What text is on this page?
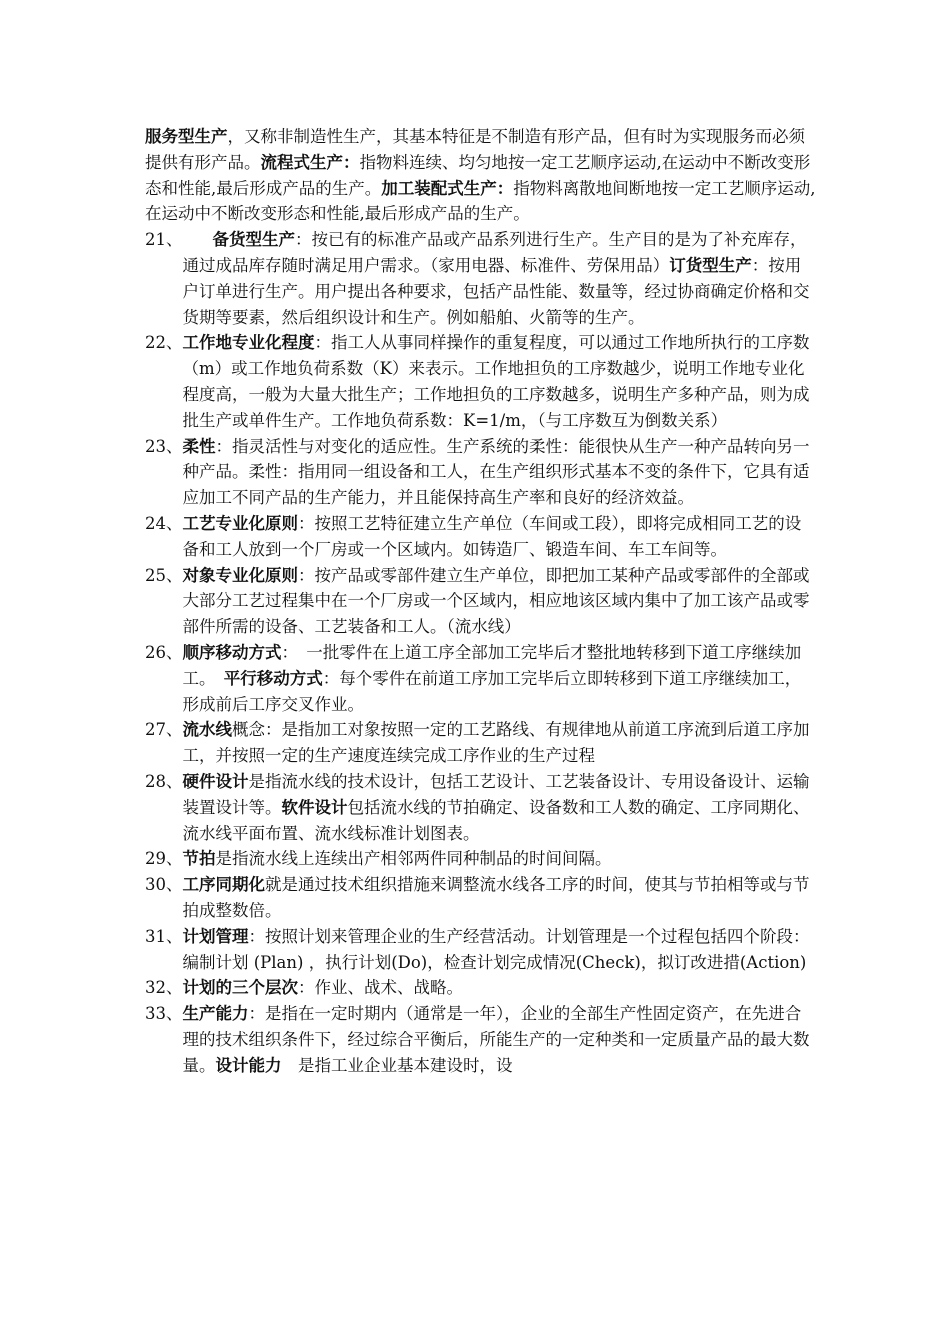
服务型生产，又称非制造性生产，其基本特征是不制造有形产品，但有时为实现服务而必须提供有形产品。流程式生产：指物料连续、均匀地按一定工艺顺序运动,在运动中不断改变形态和性能,最后形成产品的生产。加工装配式生产：指物料离散地间断地按一定工艺顺序运动,在运动中不断改变形态和性能,最后形成产品的生产。

21、	备货型生产：按已有的标准产品或产品系列进行生产。生产目的是为了补充库存，通过成品库存随时满足用户需求。（家用电器、标准件、劳保用品）订货型生产：按用户订单进行生产。用户提出各种要求，包括产品性能、数量等，经过协商确定价格和交货期等要素，然后组织设计和生产。例如船舶、火箭等的生产。
22、 工作地专业化程度：指工人从事同样操作的重复程度，可以通过工作地所执行的工序数（m）或工作地负荷系数（K）来表示。工作地担负的工序数越少，说明工作地专业化程度高，一般为大量大批生产；工作地担负的工序数越多，说明生产多种产品，则为成批生产或单件生产。工作地负荷系数：K=1/m，（与工序数互为倒数关系）
23、 柔性：指灵活性与对变化的适应性。生产系统的柔性：能很快从生产一种产品转向另一种产品。柔性：指用同一组设备和工人，在生产组织形式基本不变的条件下，它具有适应加工不同产品的生产能力，并且能保持高生产率和良好的经济效益。
24、 工艺专业化原则：按照工艺特征建立生产单位（车间或工段），即将完成相同工艺的设备和工人放到一个厂房或一个区域内。如铸造厂、锻造车间、车工车间等。
25、 对象专业化原则：按产品或零部件建立生产单位，即把加工某种产品或零部件的全部或大部分工艺过程集中在一个厂房或一个区域内，相应地该区域内集中了加工该产品或零部件所需的设备、工艺装备和工人。（流水线）
26、 顺序移动方式：　一批零件在上道工序全部加工完毕后才整批地转移到下道工序继续加工。　平行移动方式：每个零件在前道工序加工完毕后立即转移到下道工序继续加工，形成前后工序交叉作业。
27、 流水线概念：是指加工对象按照一定的工艺路线、有规律地从前道工序流到后道工序加工，并按照一定的生产速度连续完成工序作业的生产过程
28、 硬件设计是指流水线的技术设计，包括工艺设计、工艺装备设计、专用设备设计、运输装置设计等。软件设计包括流水线的节拍确定、设备数和工人数的确定、工序同期化、流水线平面布置、流水线标准计划图表。
29、 节拍是指流水线上连续出产相邻两件同种制品的时间间隔。
30、 工序同期化就是通过技术组织措施来调整流水线各工序的时间，使其与节拍相等或与节拍成整数倍。
31、 计划管理：按照计划来管理企业的生产经营活动。计划管理是一个过程包括四个阶段：编制计划 (Plan) ，执行计划(Do)，检查计划完成情况(Check)，拟订改进措(Action)
32、 计划的三个层次：作业、战术、战略。
33、 生产能力：是指在一定时期内（通常是一年），企业的全部生产性固定资产，在先进合理的技术组织条件下，经过综合平衡后，所能生产的一定种类和一定质量产品的最大数量。设计能力　是指工业企业基本建设时，设
